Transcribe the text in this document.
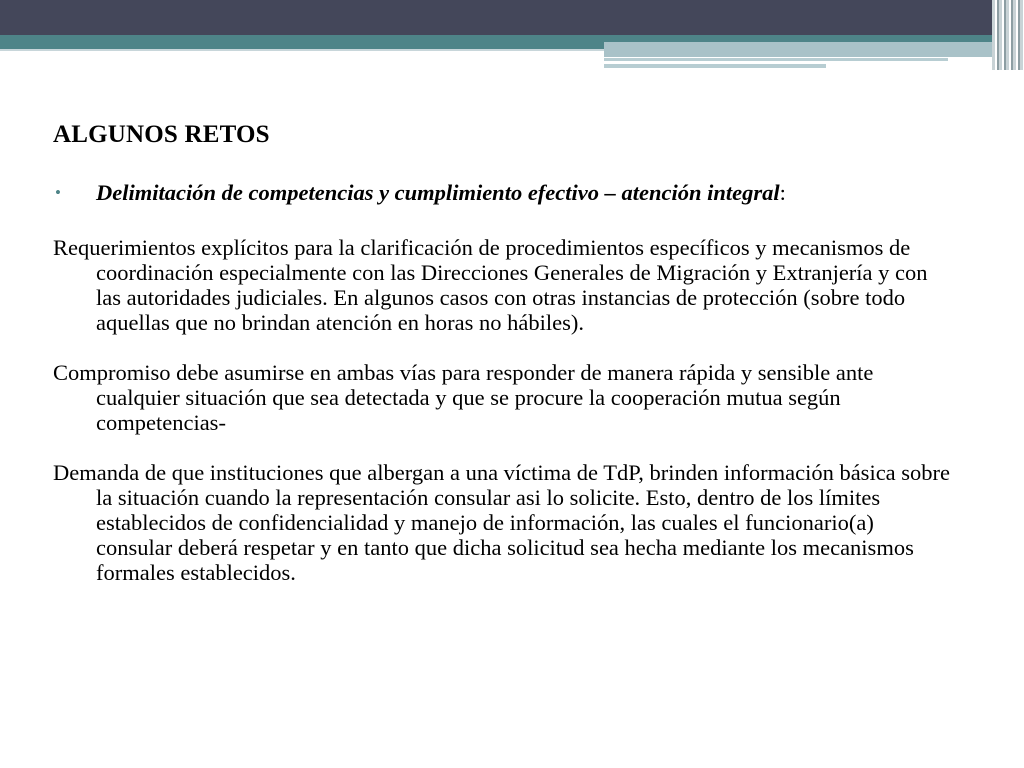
ALGUNOS RETOS
• Delimitación de competencias y cumplimiento efectivo – atención integral:

Requerimientos explícitos para la clarificación de procedimientos específicos y mecanismos de coordinación especialmente con las Direcciones Generales de Migración y Extranjería y con las autoridades judiciales. En algunos casos con otras instancias de protección (sobre todo aquellas que no brindan atención en horas no hábiles).

Compromiso debe asumirse en ambas vías para responder de manera rápida y sensible ante cualquier situación que sea detectada y que se procure la cooperación mutua según competencias-

Demanda de que instituciones que albergan a una víctima de TdP, brinden información básica sobre la situación cuando la representación consular asi lo solicite. Esto, dentro de los límites establecidos de confidencialidad y manejo de información, las cuales el funcionario(a) consular deberá respetar y en tanto que dicha solicitud sea hecha mediante los mecanismos formales establecidos.
